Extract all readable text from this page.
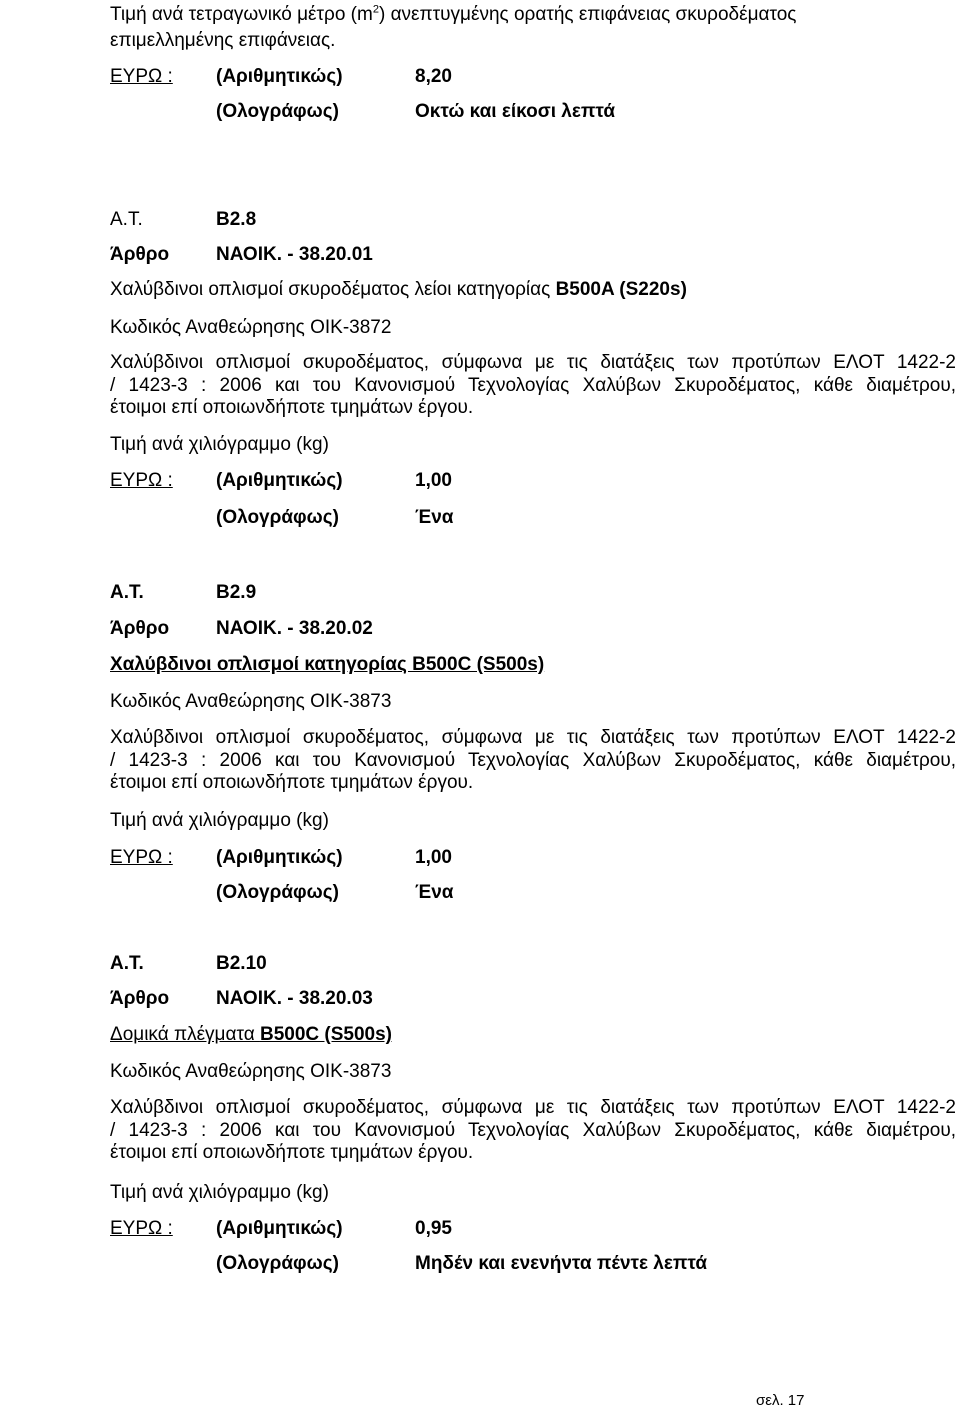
Τιμή ανά τετραγωνικό μέτρο $(m^2)$ ανεπτυγμένης ορατής επιφάνειας σκυροδέματος
επιμελλημένης επιφάνειας.
ΕΥΡΩ : (Αριθμητικώς)	8,20
(Ολογράφως)	Οκτώ και είκοσι λεπτά
Α.Τ.	Β2.8
Άρθρο ΝΑΟΙΚ. - 38.20.01
Χαλύβδινοι οπλισμοί σκυροδέματος λείοι κατηγορίας B500A (S220s)
Κωδικός Αναθεώρησης ΟΙΚ-3872
Χαλύβδινοι οπλισμοί σκυροδέματος, σύμφωνα με τις διατάξεις των προτύπων ΕΛΟΤ 1422-2
/ 1423-3 : 2006 και του Κανονισμού Τεχνολογίας Χαλύβων Σκυροδέματος, κάθε διαμέτρου,
έτοιμοι επί οποιωνδήποτε τμημάτων έργου.
Τιμή ανά χιλιόγραμμο (kg)
ΕΥΡΩ : (Αριθμητικώς)	1,00
(Ολογράφως)	Ένα
Α.Τ.	Β2.9
Άρθρο ΝΑΟΙΚ. - 38.20.02
Χαλύβδινοι οπλισμοί κατηγορίας B500C (S500s)
Κωδικός Αναθεώρησης ΟΙΚ-3873
Χαλύβδινοι οπλισμοί σκυροδέματος, σύμφωνα με τις διατάξεις των προτύπων ΕΛΟΤ 1422-2
/ 1423-3 : 2006 και του Κανονισμού Τεχνολογίας Χαλύβων Σκυροδέματος, κάθε διαμέτρου,
έτοιμοι επί οποιωνδήποτε τμημάτων έργου.
Τιμή ανά χιλιόγραμμο (kg)
ΕΥΡΩ : (Αριθμητικώς)	1,00
(Ολογράφως)	Ένα
Α.Τ.	Β2.10
Άρθρο ΝΑΟΙΚ. - 38.20.03
Δομικά πλέγματα B500C (S500s)
Κωδικός Αναθεώρησης ΟΙΚ-3873
Χαλύβδινοι οπλισμοί σκυροδέματος, σύμφωνα με τις διατάξεις των προτύπων ΕΛΟΤ 1422-2
/ 1423-3 : 2006 και του Κανονισμού Τεχνολογίας Χαλύβων Σκυροδέματος, κάθε διαμέτρου,
έτοιμοι επί οποιωνδήποτε τμημάτων έργου.
Τιμή ανά χιλιόγραμμο (kg)
ΕΥΡΩ : (Αριθμητικώς)	0,95
(Ολογράφως)	Μηδέν και ενενήντα πέντε λεπτά
σελ. 17
